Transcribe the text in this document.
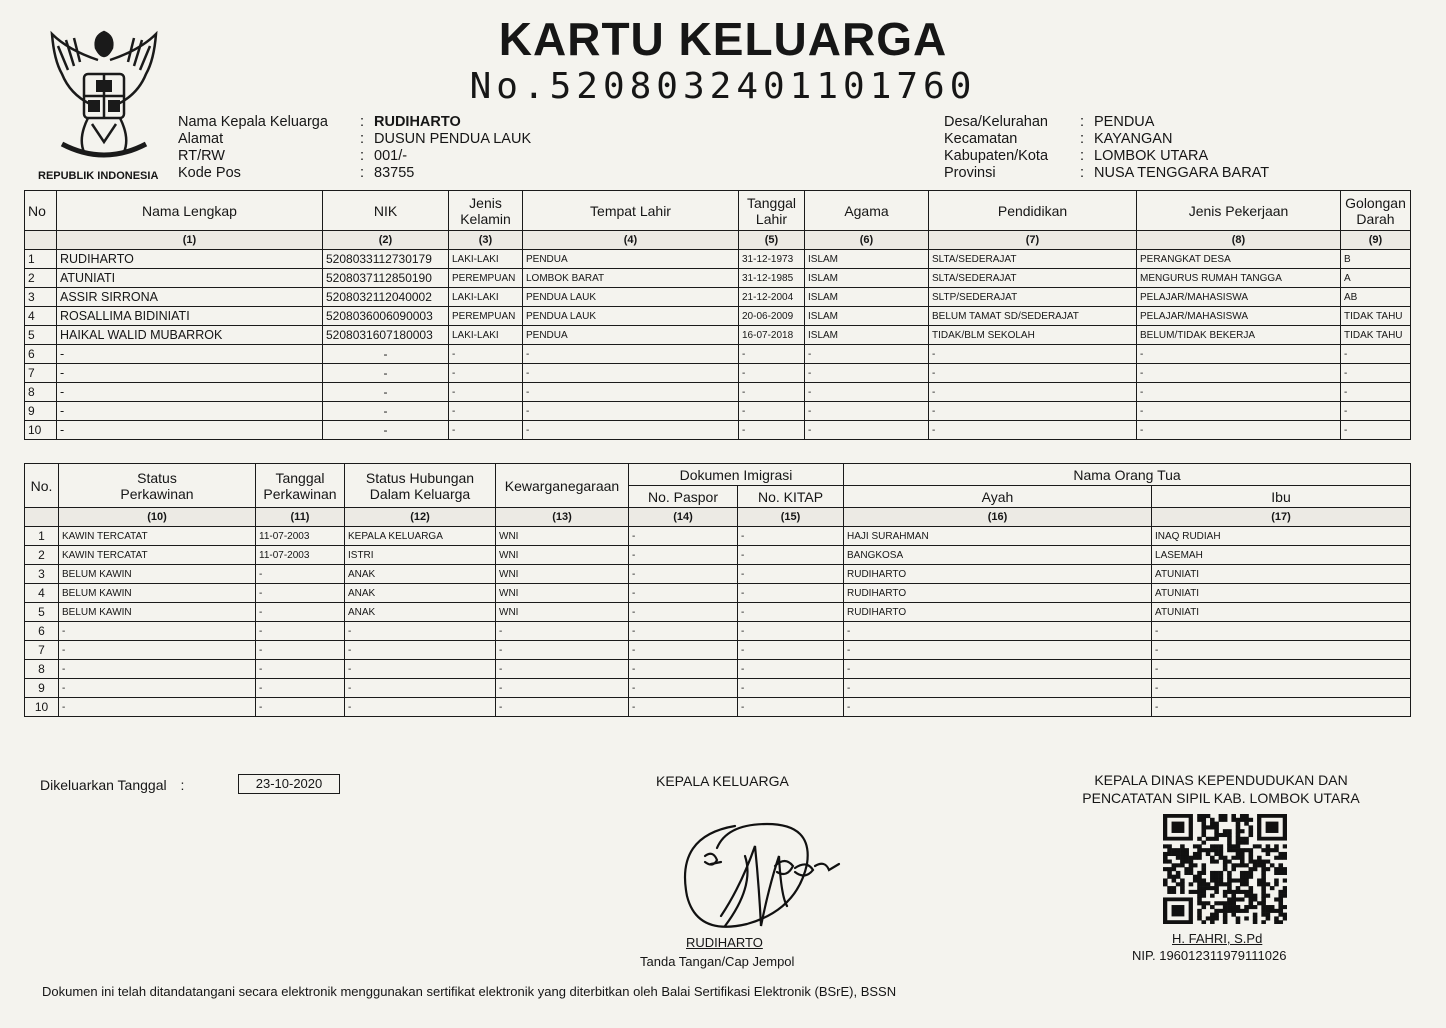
KARTU KELUARGA
No.5208032401101760
REPUBLIK INDONESIA
Nama Kepala Keluarga	: RUDIHARTO
Alamat	: DUSUN PENDUA LAUK
RT/RW	: 001/-
Kode Pos	: 83755
Desa/Kelurahan	: PENDUA
Kecamatan	: KAYANGAN
Kabupaten/Kota	: LOMBOK UTARA
Provinsi	: NUSA TENGGARA BARAT
No	Nama Lengkap	NIK	Jenis Kelamin	Tempat Lahir	Tanggal Lahir	Agama	Pendidikan	Jenis Pekerjaan	Golongan Darah
	(1)	(2)	(3)	(4)	(5)	(6)	(7)	(8)	(9)
1	RUDIHARTO	5208033112730179	LAKI-LAKI	PENDUA	31-12-1973	ISLAM	SLTA/SEDERAJAT	PERANGKAT DESA	B
2	ATUNIATI	5208037112850190	PEREMPUAN	LOMBOK BARAT	31-12-1985	ISLAM	SLTA/SEDERAJAT	MENGURUS RUMAH TANGGA	A
3	ASSIR SIRRONA	5208032112040002	LAKI-LAKI	PENDUA LAUK	21-12-2004	ISLAM	SLTP/SEDERAJAT	PELAJAR/MAHASISWA	AB
4	ROSALLIMA BIDINIATI	5208036006090003	PEREMPUAN	PENDUA LAUK	20-06-2009	ISLAM	BELUM TAMAT SD/SEDERAJAT	PELAJAR/MAHASISWA	TIDAK TAHU
5	HAIKAL WALID MUBARROK	5208031607180003	LAKI-LAKI	PENDUA	16-07-2018	ISLAM	TIDAK/BLM SEKOLAH	BELUM/TIDAK BEKERJA	TIDAK TAHU
6	-	-	-	-	-	-	-	-	-
7	-	-	-	-	-	-	-	-	-
8	-	-	-	-	-	-	-	-	-
9	-	-	-	-	-	-	-	-	-
10	-	-	-	-	-	-	-	-	-
No.	Status Perkawinan	Tanggal Perkawinan	Status Hubungan Dalam Keluarga	Kewarganegaraan	Dokumen Imigrasi		Nama Orang Tua	
					No. Paspor	No. KITAP	Ayah	Ibu
	(10)	(11)	(12)	(13)	(14)	(15)	(16)	(17)
1	KAWIN TERCATAT	11-07-2003	KEPALA KELUARGA	WNI	-	-	HAJI SURAHMAN	INAQ RUDIAH
2	KAWIN TERCATAT	11-07-2003	ISTRI	WNI	-	-	BANGKOSA	LASEMAH
3	BELUM KAWIN	-	ANAK	WNI	-	-	RUDIHARTO	ATUNIATI
4	BELUM KAWIN	-	ANAK	WNI	-	-	RUDIHARTO	ATUNIATI
5	BELUM KAWIN	-	ANAK	WNI	-	-	RUDIHARTO	ATUNIATI
6	-	-	-	-	-	-	-	-
7	-	-	-	-	-	-	-	-
8	-	-	-	-	-	-	-	-
9	-	-	-	-	-	-	-	-
10	-	-	-	-	-	-	-	-
Dikeluarkan Tanggal :	23-10-2020	KEPALA KELUARGA
RUDIHARTO
Tanda Tangan/Cap Jempol
KEPALA DINAS KEPENDUDUKAN DAN
PENCATATAN SIPIL KAB. LOMBOK UTARA
H. FAHRI, S.Pd
NIP. 196012311979111026
Dokumen ini telah ditandatangani secara elektronik menggunakan sertifikat elektronik yang diterbitkan oleh Balai Sertifikasi Elektronik (BSrE), BSSN
